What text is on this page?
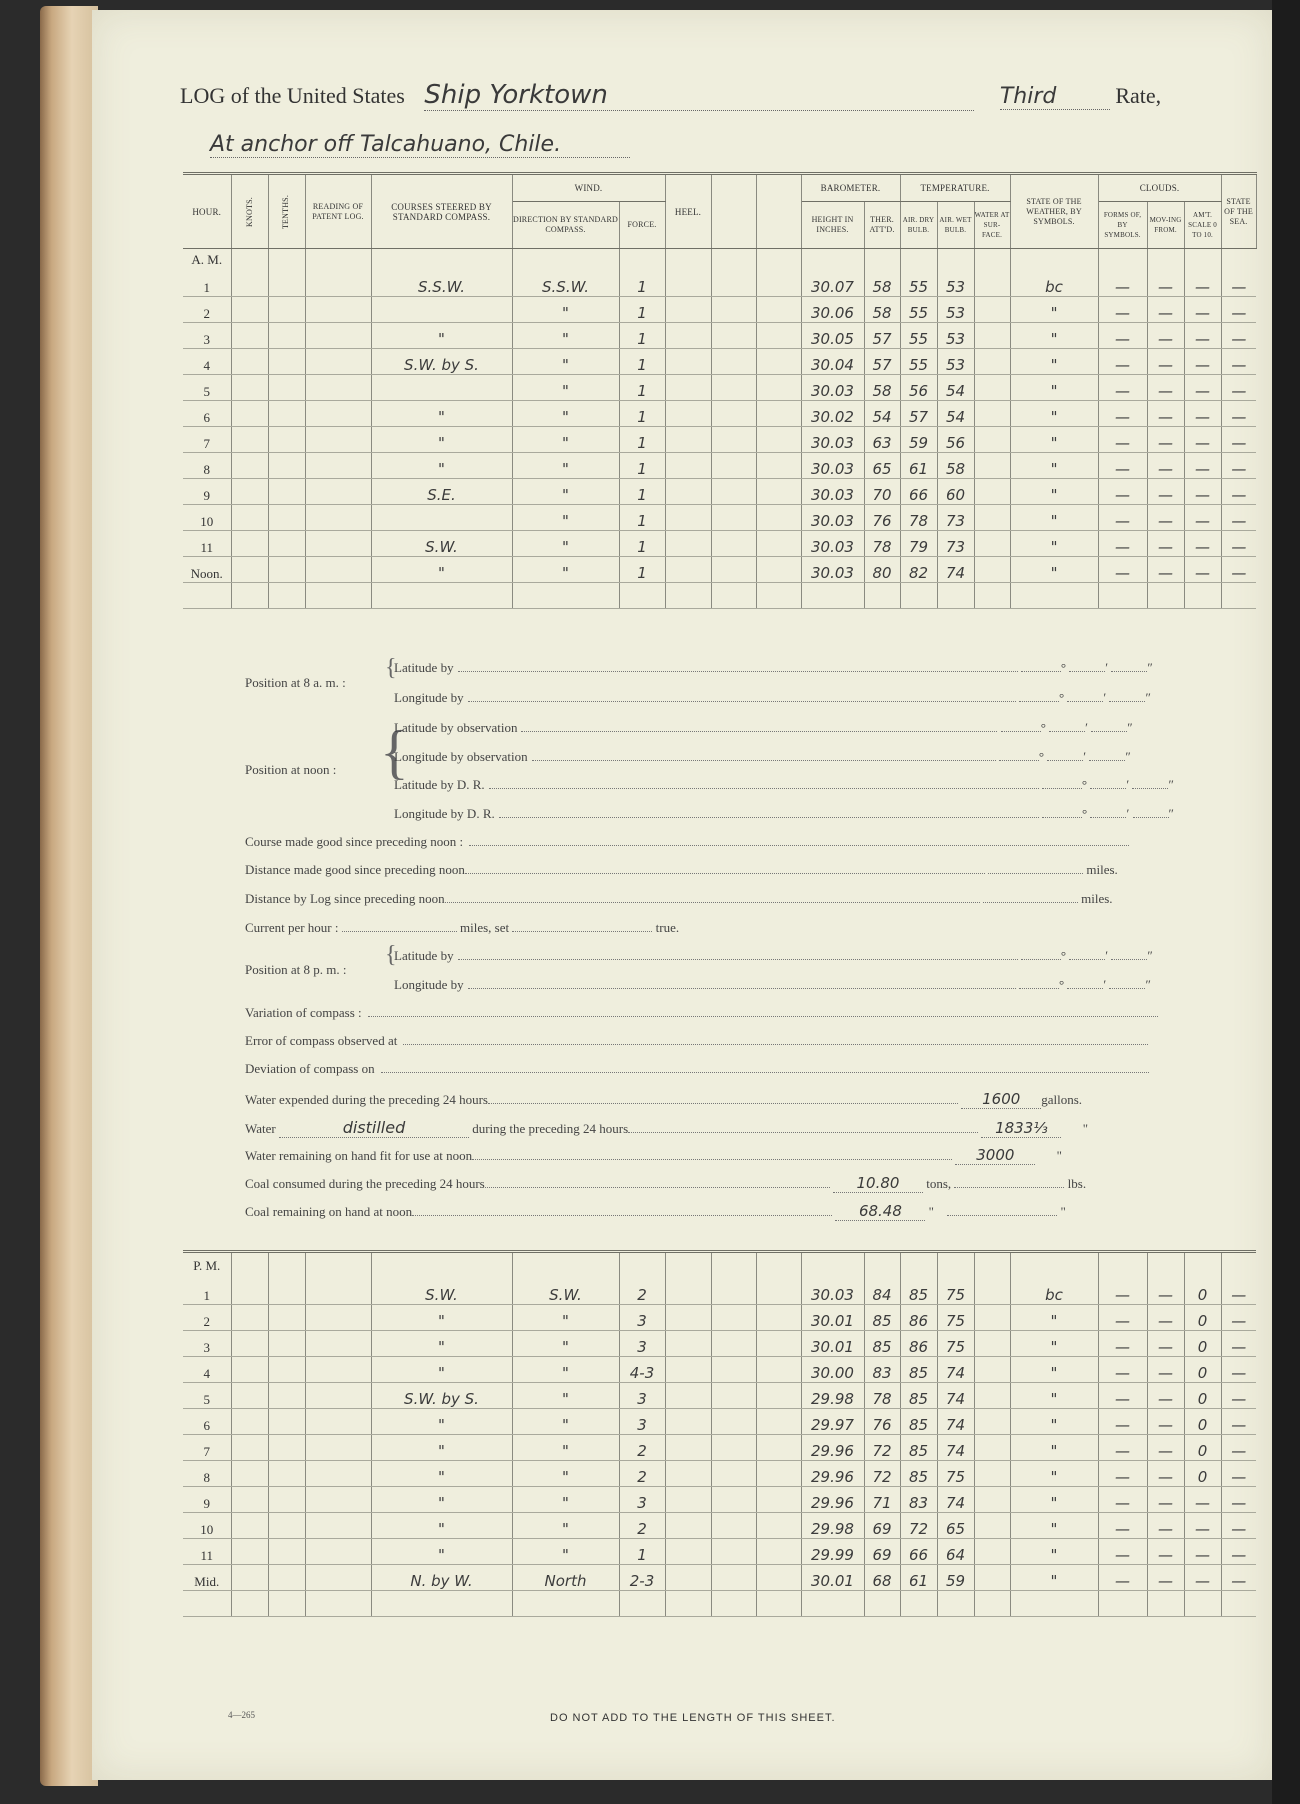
LOG of the United States Ship Yorktown	Third	Rate,
At anchor off Talcahuano, Chile.
HOUR.	KNOTS.	TENTHS.	READING OF PATENT LOG.	COURSES STEERED BY STANDARD COMPASS.	WIND.		HEEL.			BAROMETER.		TEMPERATURE.			STATE OF THE WEATHER, BY SYMBOLS.	CLOUDS.			STATE OF THE SEA.
					DIRECTION BY STANDARD COMPASS.	FORCE.				HEIGHT IN INCHES.	THER. ATT'D.	AIR. DRY BULB.	AIR. WET BULB.	WATER AT SUR-FACE.		FORMS OF, BY SYMBOLS.	MOV-ING FROM.	AM'T. SCALE 0 TO 10.	
A. M.																			
1				S.S.W.	S.S.W.	1				30.07	58	55	53		bc	—	—	—	—
2					"	1				30.06	58	55	53		"	—	—	—	—
3				"	"	1				30.05	57	55	53		"	—	—	—	—
4				S.W. by S.	"	1				30.04	57	55	53		"	—	—	—	—
5					"	1				30.03	58	56	54		"	—	—	—	—
6				"	"	1				30.02	54	57	54		"	—	—	—	—
7				"	"	1				30.03	63	59	56		"	—	—	—	—
8				"	"	1				30.03	65	61	58		"	—	—	—	—
9				S.E.	"	1				30.03	70	66	60		"	—	—	—	—
10					"	1				30.03	76	78	73		"	—	—	—	—
11				S.W.	"	1				30.03	78	79	73		"	—	—	—	—
Noon.				"	"	1				30.03	80	82	74		"	—	—	—	—

Position at 8 a. m. :
{
Latitude by	°	′	″
Longitude by	°	′	″
Position at noon : {
Latitude by observation	°	′	″
Longitude by observation	°	′	″
Latitude by D. R.	°	′	″
Longitude by D. R.	°	′	″
Course made good since preceding noon :
Distance made good since preceding noon	miles.
Distance by Log since preceding noon	miles.
Current per hour :	miles, set	true.
Position at 8 p. m. :
{
Latitude by	°	′	″
Longitude by	°	′	″
Variation of compass :
Error of compass observed at
Deviation of compass on
Water expended during the preceding 24 hours	1600 gallons.
Water	distilled	during the preceding 24 hours	1833⅓	"
Water remaining on hand fit for use at noon	3000	"
Coal consumed during the preceding 24 hours	10.80 tons,	lbs.
Coal remaining on hand at noon	68.48 "	"
P. M.																			
1				S.W.	S.W.	2				30.03	84	85	75		bc	—	—	0	—
2				"	"	3				30.01	85	86	75		"	—	—	0	—
3				"	"	3				30.01	85	86	75		"	—	—	0	—
4				"	"	4-3				30.00	83	85	74		"	—	—	0	—
5				S.W. by S.	"	3				29.98	78	85	74		"	—	—	0	—
6				"	"	3				29.97	76	85	74		"	—	—	0	—
7				"	"	2				29.96	72	85	74		"	—	—	0	—
8				"	"	2				29.96	72	85	75		"	—	—	0	—
9				"	"	3				29.96	71	83	74		"	—	—	—	—
10				"	"	2				29.98	69	72	65		"	—	—	—	—
11				"	"	1				29.99	69	66	64		"	—	—	—	—
Mid.				N. by W.	North	2-3				30.01	68	61	59		"	—	—	—	—

4—265	DO NOT ADD TO THE LENGTH OF THIS SHEET.
